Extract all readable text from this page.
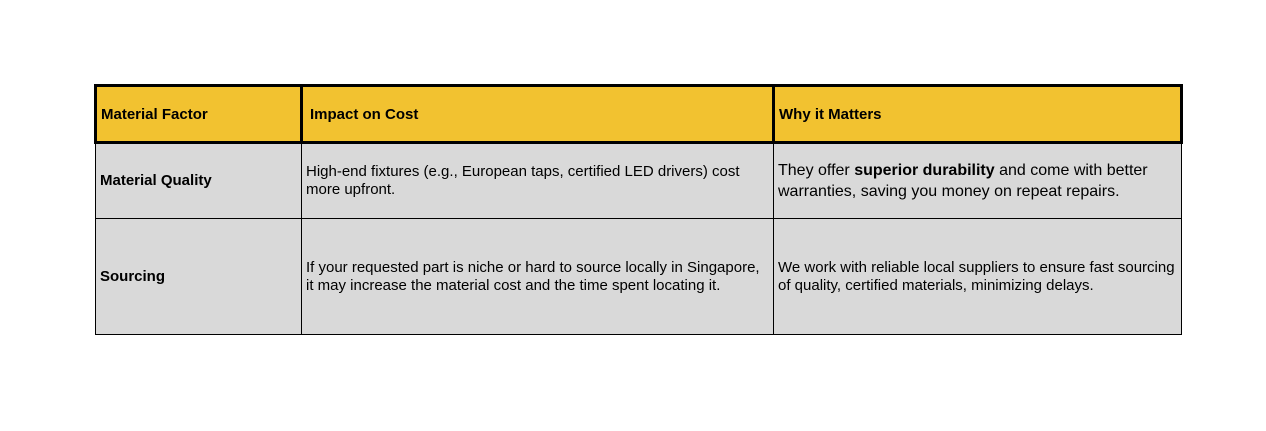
Material Factor	Impact on Cost	Why it Matters
Material Quality	High-end fixtures (e.g., European taps, certified LED drivers) cost more upfront.	They offer superior durability and come with better warranties, saving you money on repeat repairs.
Sourcing	If your requested part is niche or hard to source locally in Singapore, it may increase the material cost and the time spent locating it.	We work with reliable local suppliers to ensure fast sourcing of quality, certified materials, minimizing delays.
